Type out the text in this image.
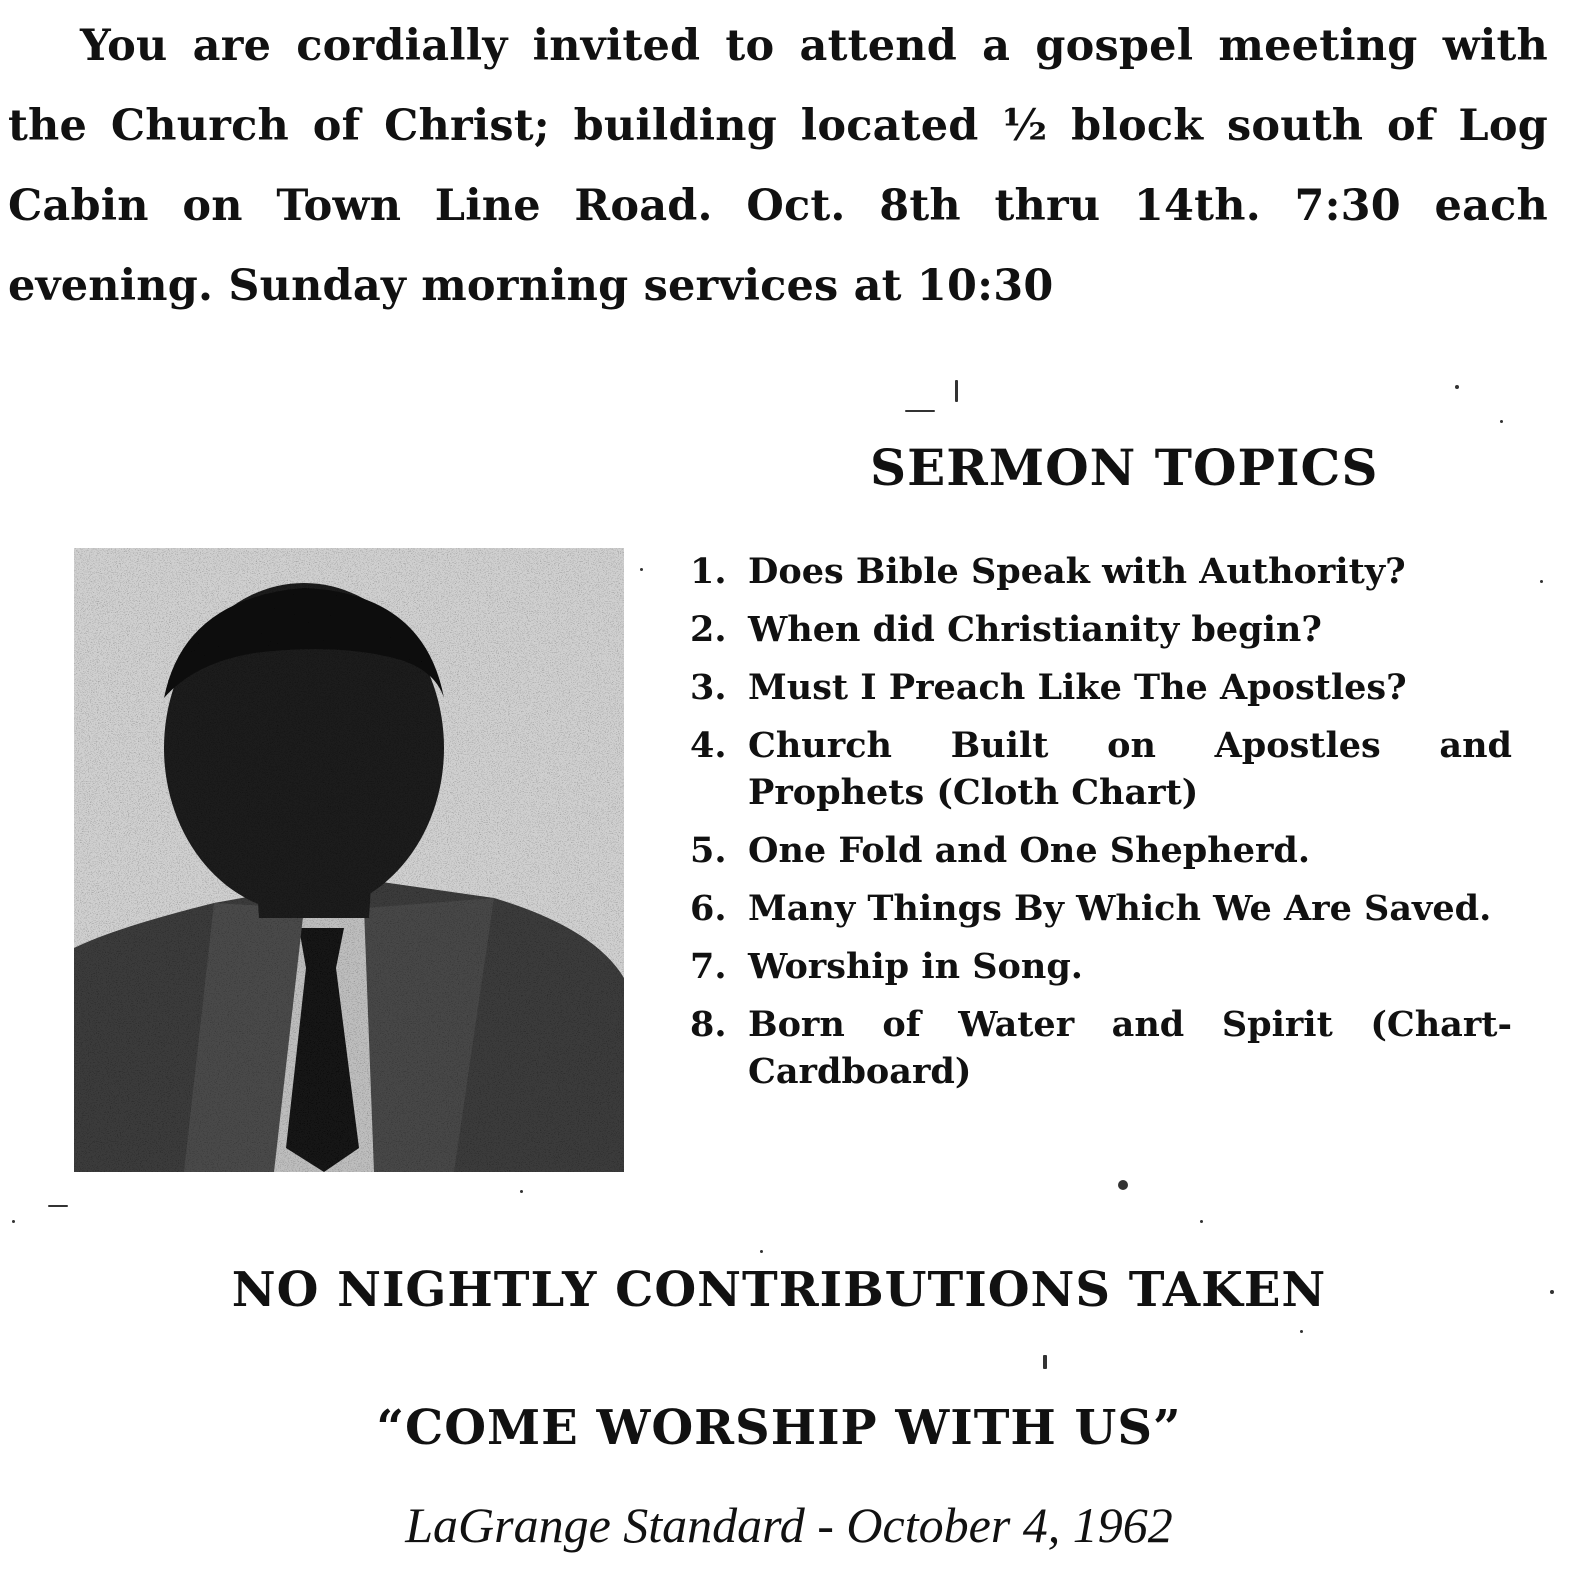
You are cordially invited to attend a gospel meeting with the Church of Christ; building located ½ block south of Log Cabin on Town Line Road. Oct. 8th thru 14th. 7:30 each evening. Sunday morning services at 10:30

SERMON TOPICS
1. Does Bible Speak with Authority?
2. When did Christianity begin?
3. Must I Preach Like The Apostles?
4. Church Built on Apostles and Prophets (Cloth Chart)
5. One Fold and One Shepherd.
6. Many Things By Which We Are Saved.
7. Worship in Song.
8. Born of Water and Spirit (Chart-Cardboard)

NO NIGHTLY CONTRIBUTIONS TAKEN

“COME WORSHIP WITH US”

LaGrange Standard - October 4, 1962
